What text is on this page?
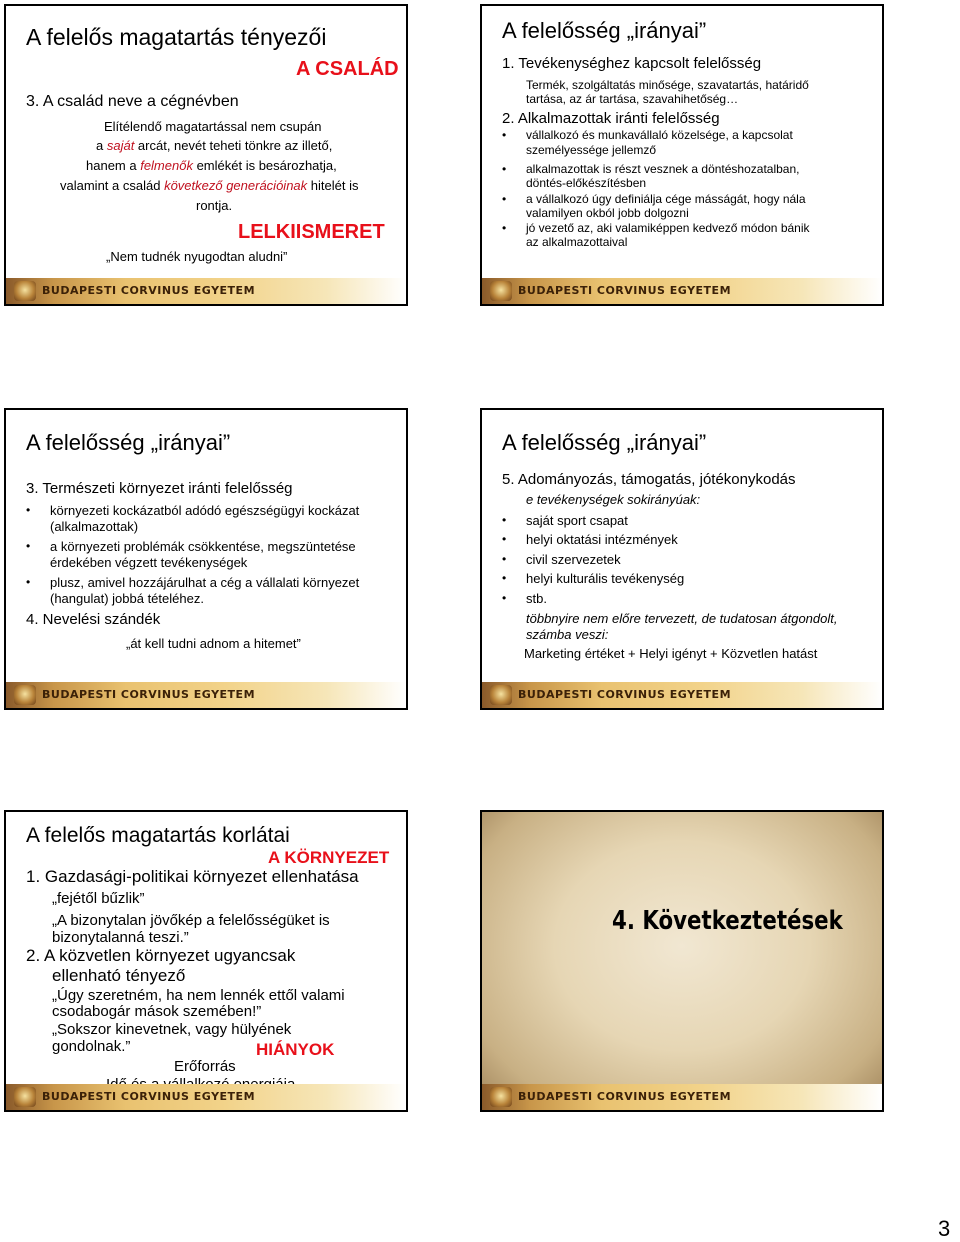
A felelős magatartás tényezői
A CSALÁD
3. A család neve a cégnévben
Elítélendő magatartással nem csupán
a saját arcát, nevét teheti tönkre az illető,
hanem a felmenők emlékét is besározhatja,
valamint a család következő generációinak hitelét is
rontja.
LELKIISMERET
„Nem tudnék nyugodtan aludni”
BUDAPESTI CORVINUS EGYETEM
A felelősség „irányai”
1. Tevékenységhez kapcsolt felelősség
Termék, szolgáltatás minősége, szavatartás, határidő
tartása, az ár tartása, szavahihetőség…
2. Alkalmazottak iránti felelősség
• vállalkozó és munkavállaló közelsége, a kapcsolat
személyessége jellemző
• alkalmazottak is részt vesznek a döntéshozatalban,
döntés-előkészítésben
• a vállalkozó úgy definiálja cége másságát, hogy nála
valamilyen okból jobb dolgozni
• jó vezető az, aki valamiképpen kedvező módon bánik
az alkalmazottaival
BUDAPESTI CORVINUS EGYETEM
A felelősség „irányai”
3. Természeti környezet iránti felelősség
• környezeti kockázatból adódó egészségügyi kockázat
(alkalmazottak)
• a környezeti problémák csökkentése, megszüntetése
érdekében végzett tevékenységek
• plusz, amivel hozzájárulhat a cég a vállalati környezet
(hangulat) jobbá tételéhez.
4. Nevelési szándék
„át kell tudni adnom a hitemet”
BUDAPESTI CORVINUS EGYETEM
A felelősség „irányai”
5. Adományozás, támogatás, jótékonykodás
e tevékenységek sokirányúak:
• saját sport csapat
• helyi oktatási intézmények
• civil szervezetek
• helyi kulturális tevékenység
• stb.
többnyire nem előre tervezett, de tudatosan átgondolt,
számba veszi:
Marketing értéket + Helyi igényt + Közvetlen hatást
BUDAPESTI CORVINUS EGYETEM
A felelős magatartás korlátai
A KÖRNYEZET
1. Gazdasági-politikai környezet ellenhatása
„fejétől bűzlik”
„A bizonytalan jövőkép a felelősségüket is
bizonytalanná teszi.”
2. A közvetlen környezet ugyancsak
ellenható tényező
„Úgy szeretném, ha nem lennék ettől valami
csodabogár mások szemében!”
„Sokszor kinevetnek, vagy hülyének
gondolnak.”	HIÁNYOK
Erőforrás
BUDAPESTI CORVINUS EGYETEM
4. Következtetések
BUDAPESTI CORVINUS EGYETEM
3
